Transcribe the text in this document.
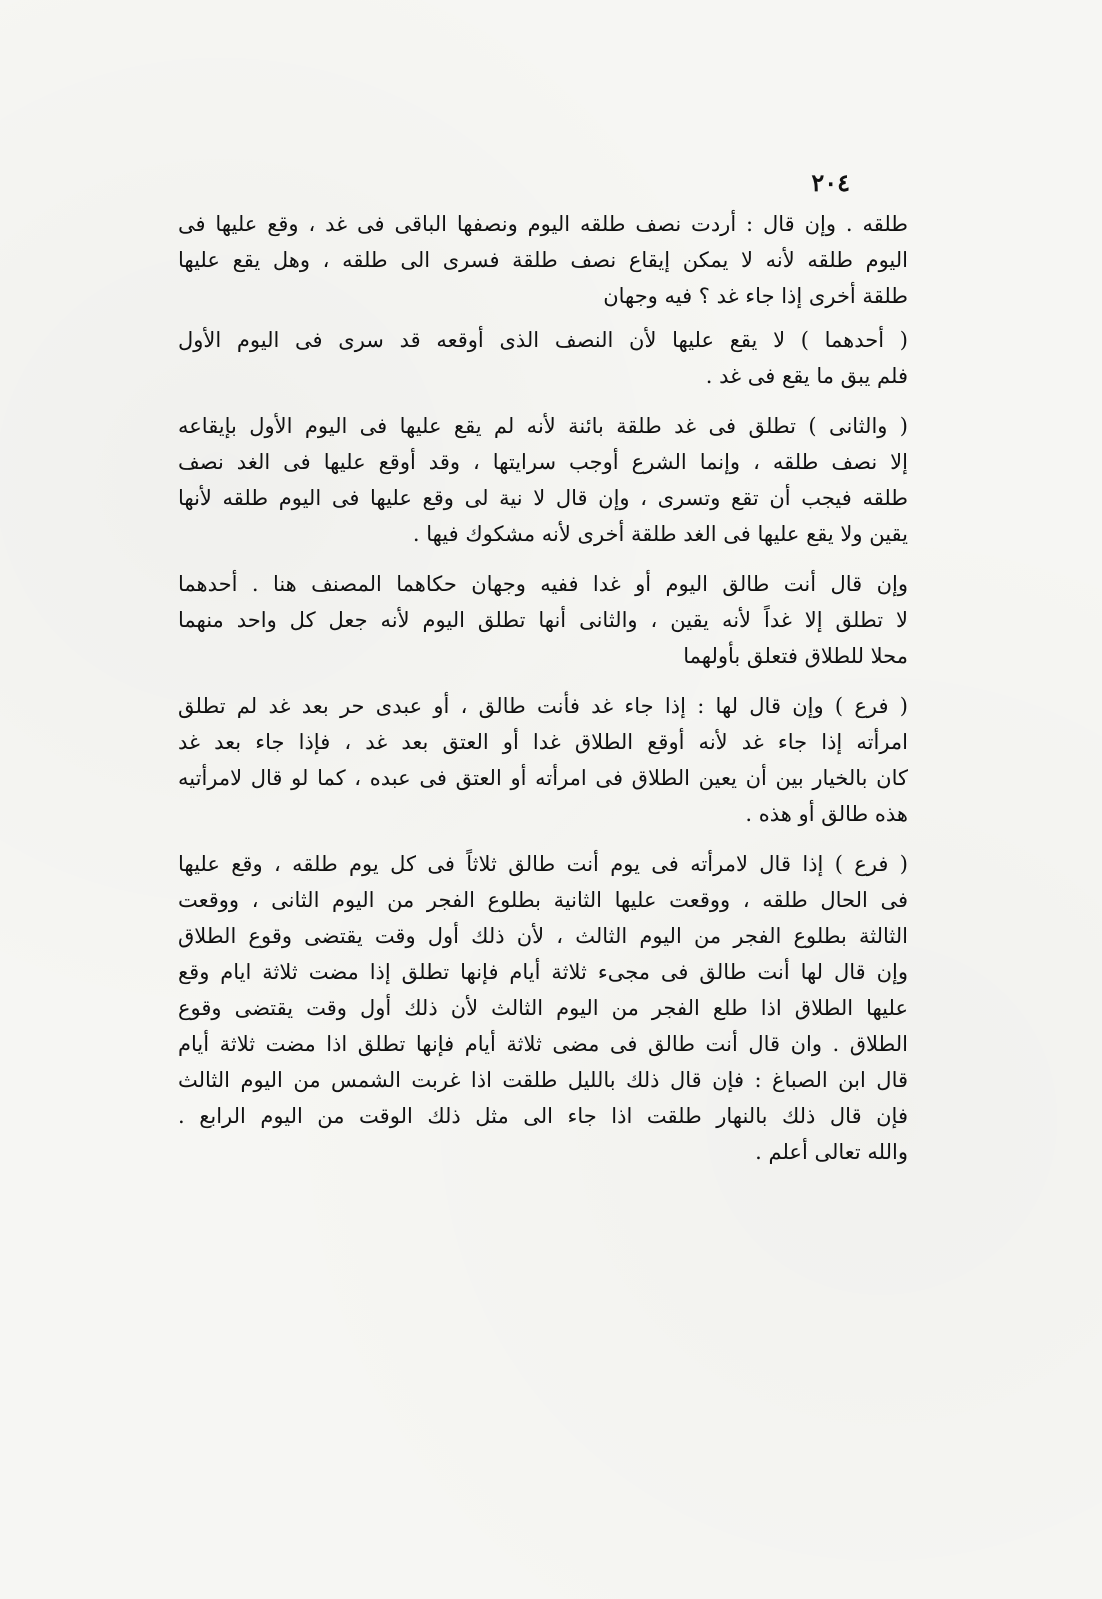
٢٠٤
طلقه . وإن قال : أردت نصف طلقه اليوم ونصفها الباقى فى غد ، وقع عليها فى
اليوم طلقه لأنه لا يمكن إيقاع نصف طلقة فسرى الى طلقه ، وهل يقع عليها
طلقة أخرى إذا جاء غد ؟ فيه وجهان
( أحدهما ) لا يقع عليها لأن النصف الذى أوقعه قد سرى فى اليوم الأول
فلم يبق ما يقع فى غد .
( والثانى ) تطلق فى غد طلقة بائنة لأنه لم يقع عليها فى اليوم الأول بإيقاعه
إلا نصف طلقه ، وإنما الشرع أوجب سرايتها ، وقد أوقع عليها فى الغد نصف
طلقه فيجب أن تقع وتسرى ، وإن قال لا نية لى وقع عليها فى اليوم طلقه لأنها
يقين ولا يقع عليها فى الغد طلقة أخرى لأنه مشكوك فيها .
وإن قال أنت طالق اليوم أو غدا ففيه وجهان حكاهما المصنف هنا . أحدهما
لا تطلق إلا غداً لأنه يقين ، والثانى أنها تطلق اليوم لأنه جعل كل واحد منهما
محلا للطلاق فتعلق بأولهما
( فرع ) وإن قال لها : إذا جاء غد فأنت طالق ، أو عبدى حر بعد غد لم تطلق
امرأته إذا جاء غد لأنه أوقع الطلاق غدا أو العتق بعد غد ، فإذا جاء بعد غد
كان بالخيار بين أن يعين الطلاق فى امرأته أو العتق فى عبده ، كما لو قال لامرأتيه
هذه طالق أو هذه .
( فرع ) إذا قال لامرأته فى يوم أنت طالق ثلاثاً فى كل يوم طلقه ، وقع عليها
فى الحال طلقه ، ووقعت عليها الثانية بطلوع الفجر من اليوم الثانى ، ووقعت
الثالثة بطلوع الفجر من اليوم الثالث ، لأن ذلك أول وقت يقتضى وقوع الطلاق
وإن قال لها أنت طالق فى مجىء ثلاثة أيام فإنها تطلق إذا مضت ثلاثة ايام وقع
عليها الطلاق اذا طلع الفجر من اليوم الثالث لأن ذلك أول وقت يقتضى وقوع
الطلاق . وان قال أنت طالق فى مضى ثلاثة أيام فإنها تطلق اذا مضت ثلاثة أيام
قال ابن الصباغ : فإن قال ذلك بالليل طلقت اذا غربت الشمس من اليوم الثالث
فإن قال ذلك بالنهار طلقت اذا جاء الى مثل ذلك الوقت من اليوم الرابع .
والله تعالى أعلم .
